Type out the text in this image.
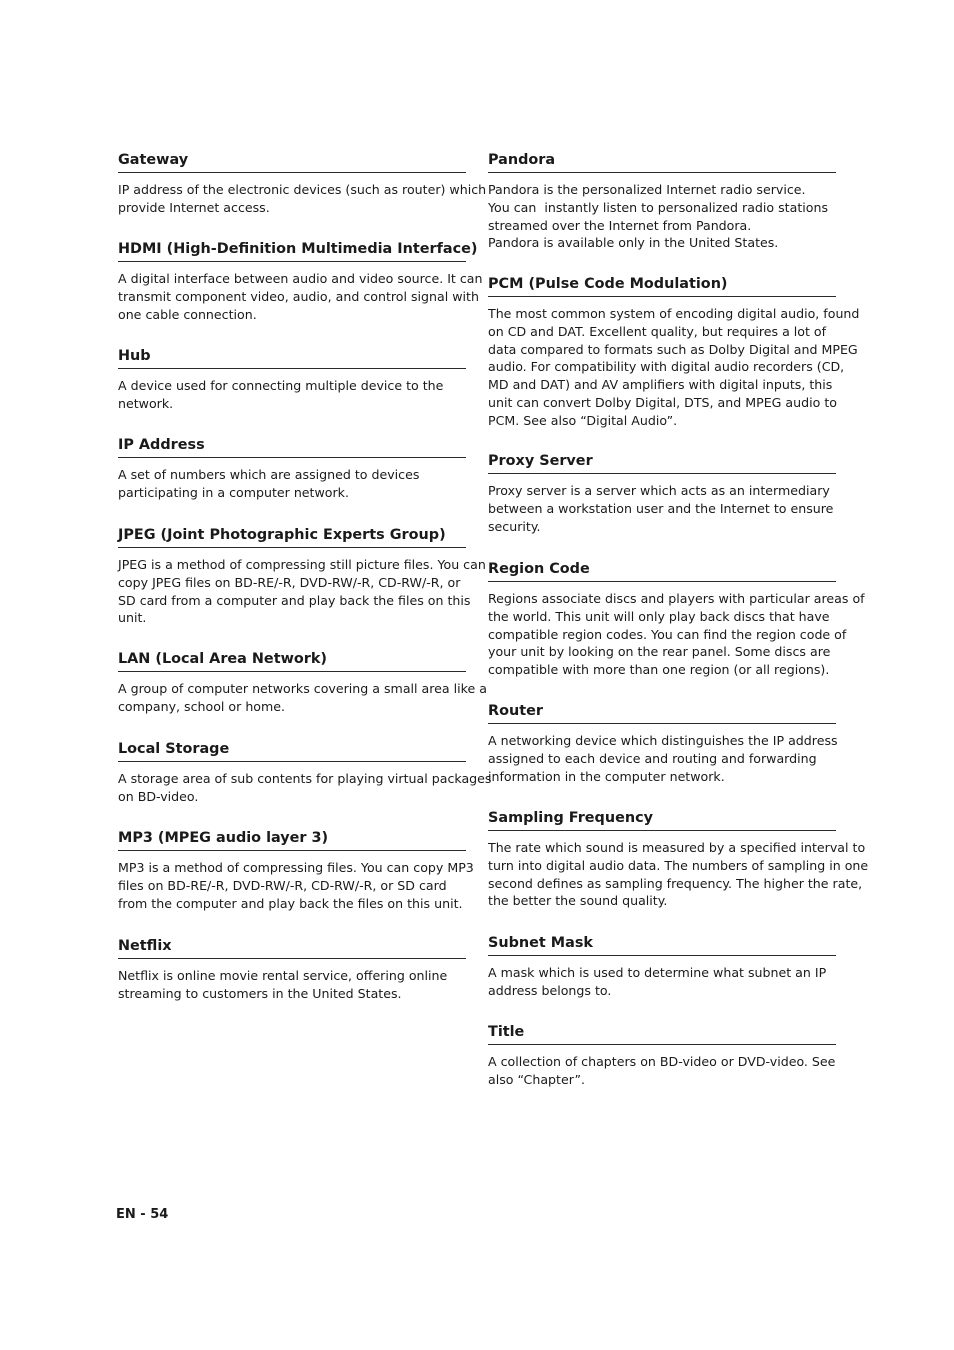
Gateway
IP address of the electronic devices (such as router) which
provide Internet access.
HDMI (High-Definition Multimedia Interface)
A digital interface between audio and video source. It can
transmit component video, audio, and control signal with
one cable connection.
Hub
A device used for connecting multiple device to the
network.
IP Address
A set of numbers which are assigned to devices
participating in a computer network.
JPEG (Joint Photographic Experts Group)
JPEG is a method of compressing still picture files. You can
copy JPEG files on BD-RE/-R, DVD-RW/-R, CD-RW/-R, or
SD card from a computer and play back the files on this
unit.
LAN (Local Area Network)
A group of computer networks covering a small area like a
company, school or home.
Local Storage
A storage area of sub contents for playing virtual packages
on BD-video.
MP3 (MPEG audio layer 3)
MP3 is a method of compressing files. You can copy MP3
files on BD-RE/-R, DVD-RW/-R, CD-RW/-R, or SD card
from the computer and play back the files on this unit.
Netflix
Netflix is online movie rental service, offering online
streaming to customers in the United States.
Pandora
Pandora is the personalized Internet radio service.
You can  instantly listen to personalized radio stations
streamed over the Internet from Pandora.
Pandora is available only in the United States.
PCM (Pulse Code Modulation)
The most common system of encoding digital audio, found
on CD and DAT. Excellent quality, but requires a lot of
data compared to formats such as Dolby Digital and MPEG
audio. For compatibility with digital audio recorders (CD,
MD and DAT) and AV amplifiers with digital inputs, this
unit can convert Dolby Digital, DTS, and MPEG audio to
PCM. See also “Digital Audio”.
Proxy Server
Proxy server is a server which acts as an intermediary
between a workstation user and the Internet to ensure
security.
Region Code
Regions associate discs and players with particular areas of
the world. This unit will only play back discs that have
compatible region codes. You can find the region code of
your unit by looking on the rear panel. Some discs are
compatible with more than one region (or all regions).
Router
A networking device which distinguishes the IP address
assigned to each device and routing and forwarding
information in the computer network.
Sampling Frequency
The rate which sound is measured by a specified interval to
turn into digital audio data. The numbers of sampling in one
second defines as sampling frequency. The higher the rate,
the better the sound quality.
Subnet Mask
A mask which is used to determine what subnet an IP
address belongs to.
Title
A collection of chapters on BD-video or DVD-video. See
also “Chapter”.
EN - 54
